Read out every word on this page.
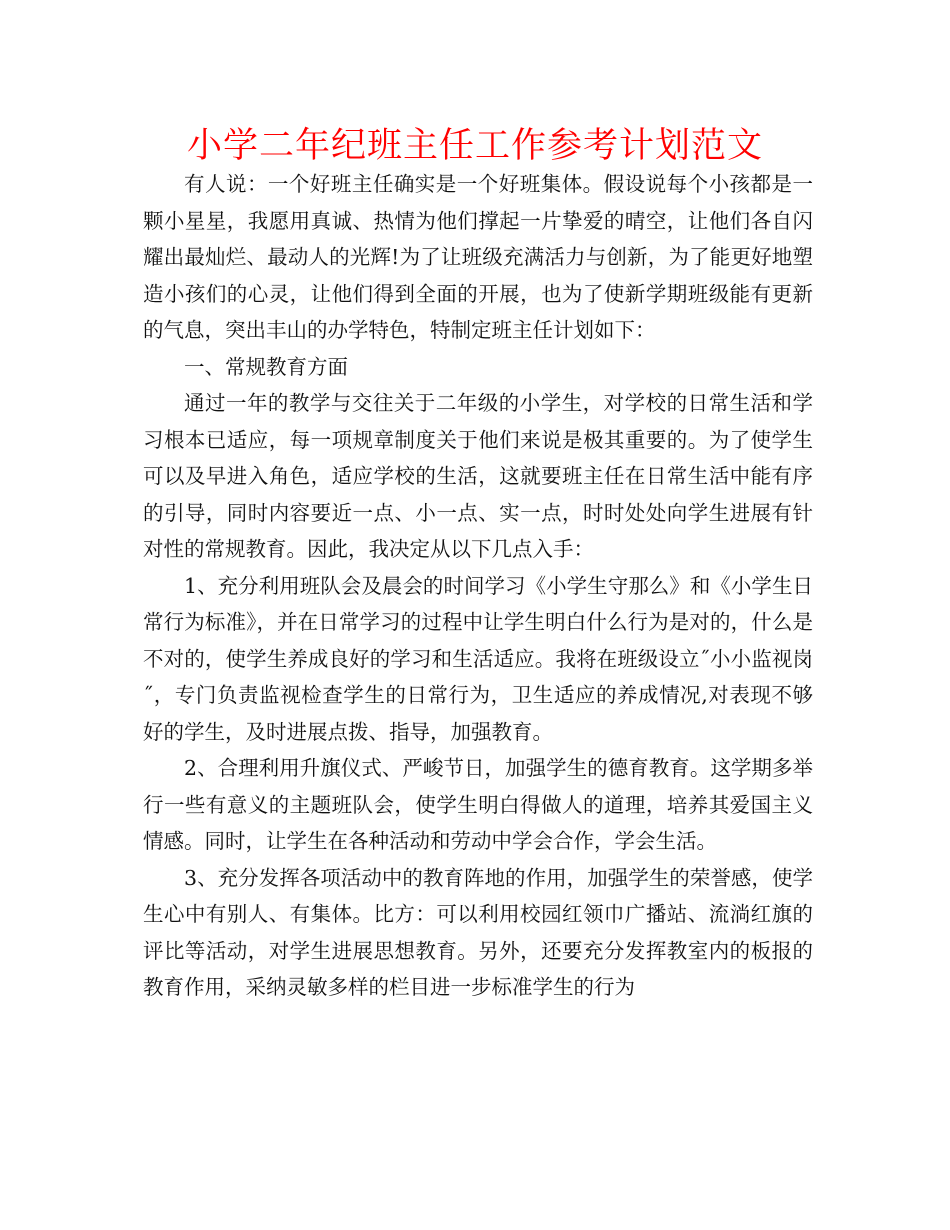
小学二年纪班主任工作参考计划范文

有人说：一个好班主任确实是一个好班集体。假设说每个小孩都是一颗小星星，我愿用真诚、热情为他们撑起一片挚爱的晴空，让他们各自闪耀出最灿烂、最动人的光辉!为了让班级充满活力与创新，为了能更好地塑造小孩们的心灵，让他们得到全面的开展，也为了使新学期班级能有更新的气息，突出丰山的办学特色，特制定班主任计划如下：

一、常规教育方面

通过一年的教学与交往关于二年级的小学生，对学校的日常生活和学习根本已适应，每一项规章制度关于他们来说是极其重要的。为了使学生可以及早进入角色，适应学校的生活，这就要班主任在日常生活中能有序的引导，同时内容要近一点、小一点、实一点，时时处处向学生进展有针对性的常规教育。因此，我决定从以下几点入手：

1、充分利用班队会及晨会的时间学习《小学生守那么》和《小学生日常行为标准》，并在日常学习的过程中让学生明白什么行为是对的，什么是不对的，使学生养成良好的学习和生活适应。我将在班级设立˝小小监视岗˝，专门负责监视检查学生的日常行为，卫生适应的养成情况,对表现不够好的学生，及时进展点拨、指导，加强教育。

2、合理利用升旗仪式、严峻节日，加强学生的德育教育。这学期多举行一些有意义的主题班队会，使学生明白得做人的道理，培养其爱国主义情感。同时，让学生在各种活动和劳动中学会合作，学会生活。

3、充分发挥各项活动中的教育阵地的作用，加强学生的荣誉感，使学生心中有别人、有集体。比方：可以利用校园红领巾广播站、流淌红旗的评比等活动，对学生进展思想教育。另外，还要充分发挥教室内的板报的教育作用，采纳灵敏多样的栏目进一步标准学生的行为
